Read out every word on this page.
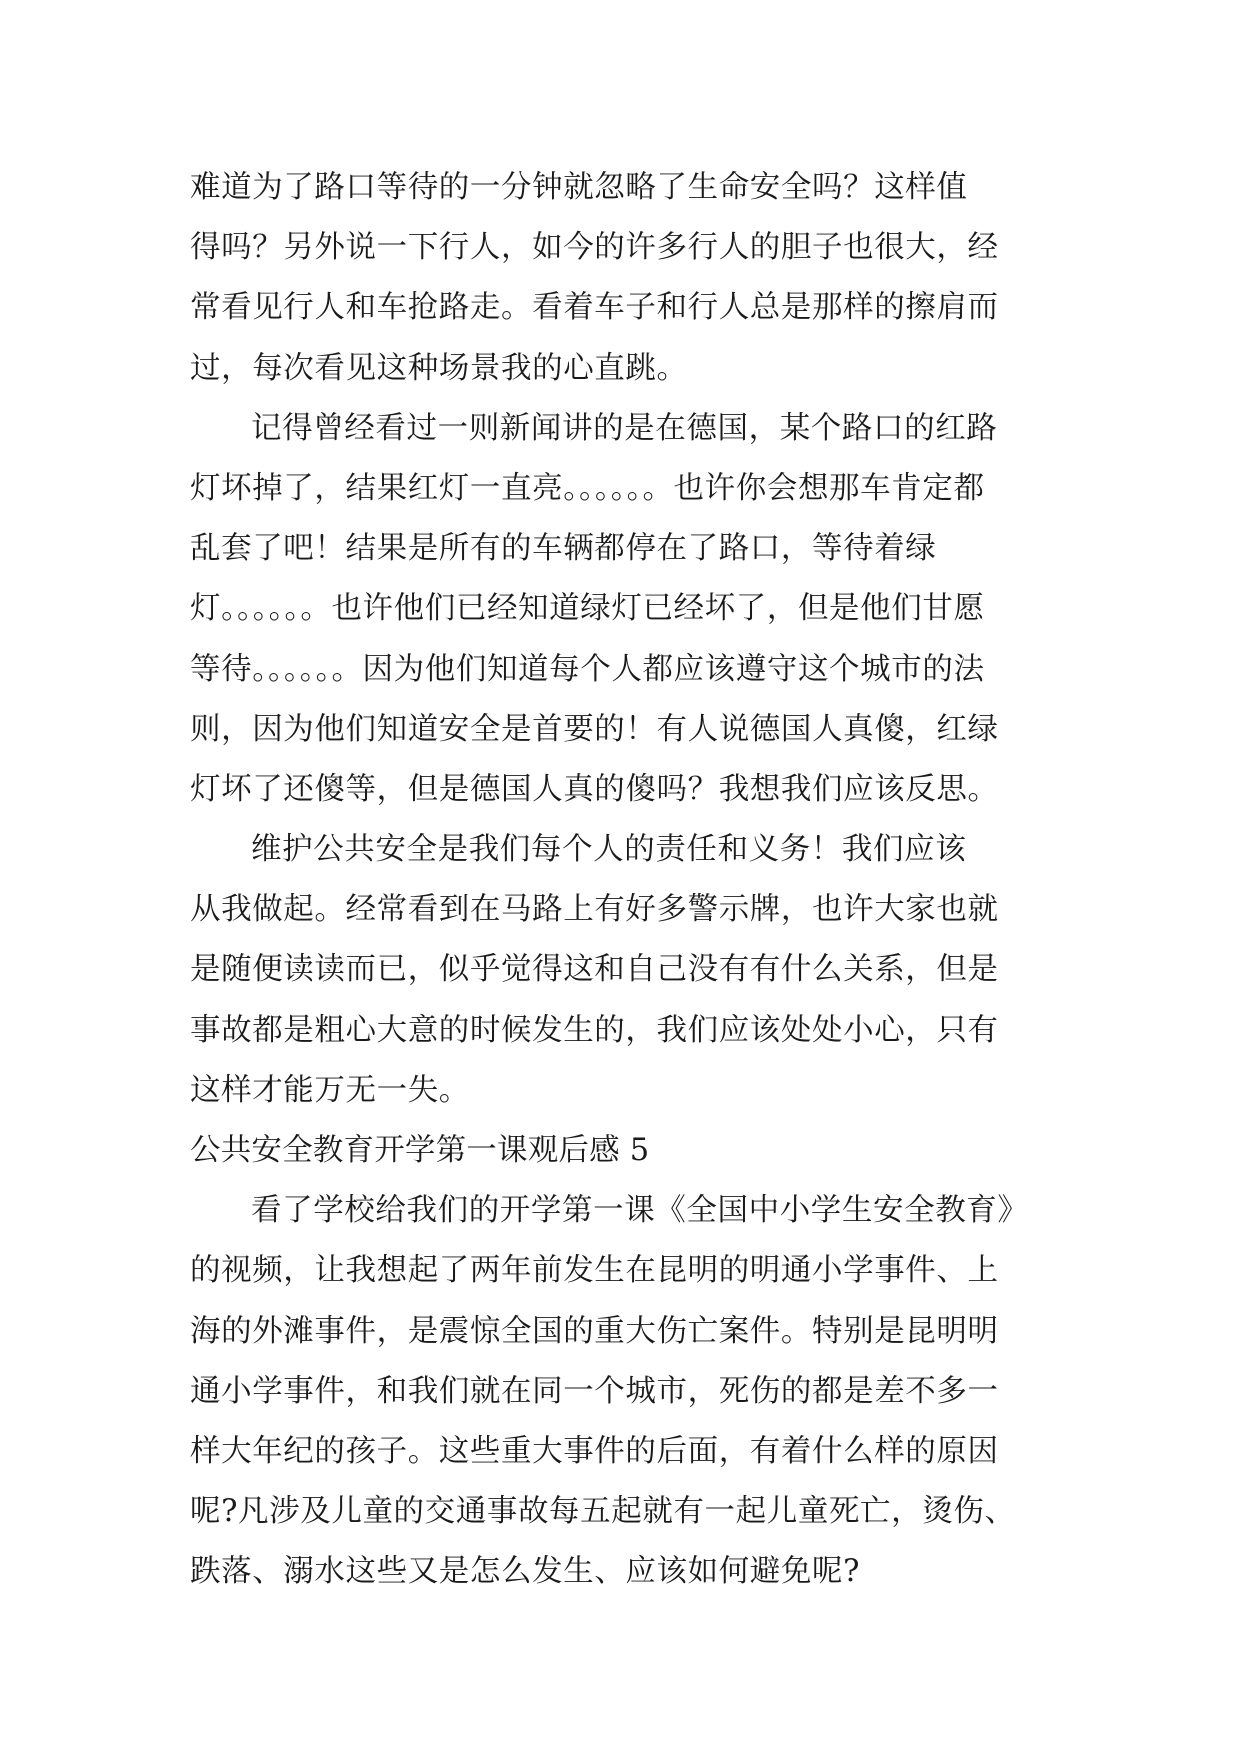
难道为了路口等待的一分钟就忽略了生命安全吗？这样值
得吗？另外说一下行人，如今的许多行人的胆子也很大，经
常看见行人和车抢路走。看着车子和行人总是那样的擦肩而
过，每次看见这种场景我的心直跳。
记得曾经看过一则新闻讲的是在德国，某个路口的红路
灯坏掉了，结果红灯一直亮。。。。。。也许你会想那车肯定都
乱套了吧！结果是所有的车辆都停在了路口，等待着绿
灯。。。。。。也许他们已经知道绿灯已经坏了，但是他们甘愿
等待。。。。。。因为他们知道每个人都应该遵守这个城市的法
则，因为他们知道安全是首要的！有人说德国人真傻，红绿
灯坏了还傻等，但是德国人真的傻吗？我想我们应该反思。
维护公共安全是我们每个人的责任和义务！我们应该
从我做起。经常看到在马路上有好多警示牌，也许大家也就
是随便读读而已，似乎觉得这和自己没有有什么关系，但是
事故都是粗心大意的时候发生的，我们应该处处小心，只有
这样才能万无一失。
公共安全教育开学第一课观后感 5
看了学校给我们的开学第一课《全国中小学生安全教育》
的视频，让我想起了两年前发生在昆明的明通小学事件、上
海的外滩事件，是震惊全国的重大伤亡案件。特别是昆明明
通小学事件，和我们就在同一个城市，死伤的都是差不多一
样大年纪的孩子。这些重大事件的后面，有着什么样的原因
呢?凡涉及儿童的交通事故每五起就有一起儿童死亡，烫伤、
跌落、溺水这些又是怎么发生、应该如何避免呢?
